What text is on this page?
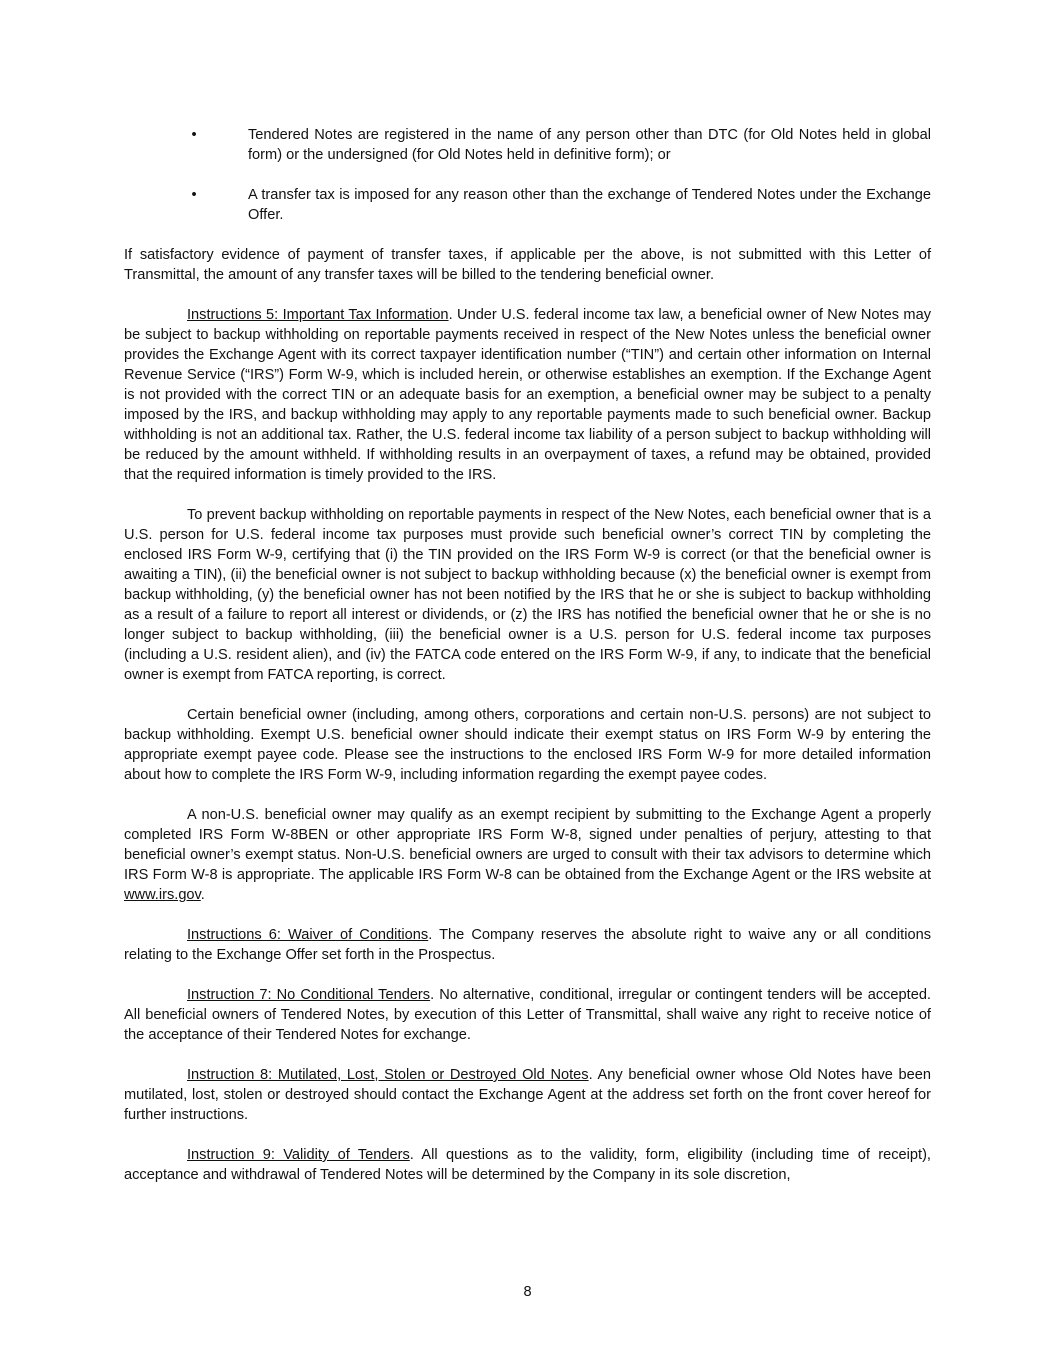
•	Tendered Notes are registered in the name of any person other than DTC (for Old Notes held in global form) or the undersigned (for Old Notes held in definitive form); or
•	A transfer tax is imposed for any reason other than the exchange of Tendered Notes under the Exchange Offer.

If satisfactory evidence of payment of transfer taxes, if applicable per the above, is not submitted with this Letter of Transmittal, the amount of any transfer taxes will be billed to the tendering beneficial owner.

Instructions 5: Important Tax Information. Under U.S. federal income tax law, a beneficial owner of New Notes may be subject to backup withholding on reportable payments received in respect of the New Notes unless the beneficial owner provides the Exchange Agent with its correct taxpayer identification number (“TIN”) and certain other information on Internal Revenue Service (“IRS”) Form W-9, which is included herein, or otherwise establishes an exemption. If the Exchange Agent is not provided with the correct TIN or an adequate basis for an exemption, a beneficial owner may be subject to a penalty imposed by the IRS, and backup withholding may apply to any reportable payments made to such beneficial owner. Backup withholding is not an additional tax. Rather, the U.S. federal income tax liability of a person subject to backup withholding will be reduced by the amount withheld. If withholding results in an overpayment of taxes, a refund may be obtained, provided that the required information is timely provided to the IRS.

To prevent backup withholding on reportable payments in respect of the New Notes, each beneficial owner that is a U.S. person for U.S. federal income tax purposes must provide such beneficial owner’s correct TIN by completing the enclosed IRS Form W-9, certifying that (i) the TIN provided on the IRS Form W-9 is correct (or that the beneficial owner is awaiting a TIN), (ii) the beneficial owner is not subject to backup withholding because (x) the beneficial owner is exempt from backup withholding, (y) the beneficial owner has not been notified by the IRS that he or she is subject to backup withholding as a result of a failure to report all interest or dividends, or (z) the IRS has notified the beneficial owner that he or she is no longer subject to backup withholding, (iii) the beneficial owner is a U.S. person for U.S. federal income tax purposes (including a U.S. resident alien), and (iv) the FATCA code entered on the IRS Form W-9, if any, to indicate that the beneficial owner is exempt from FATCA reporting, is correct.

Certain beneficial owner (including, among others, corporations and certain non-U.S. persons) are not subject to backup withholding. Exempt U.S. beneficial owner should indicate their exempt status on IRS Form W-9 by entering the appropriate exempt payee code. Please see the instructions to the enclosed IRS Form W-9 for more detailed information about how to complete the IRS Form W-9, including information regarding the exempt payee codes.

A non-U.S. beneficial owner may qualify as an exempt recipient by submitting to the Exchange Agent a properly completed IRS Form W-8BEN or other appropriate IRS Form W-8, signed under penalties of perjury, attesting to that beneficial owner’s exempt status. Non-U.S. beneficial owners are urged to consult with their tax advisors to determine which IRS Form W-8 is appropriate. The applicable IRS Form W-8 can be obtained from the Exchange Agent or the IRS website at www.irs.gov.

Instructions 6: Waiver of Conditions. The Company reserves the absolute right to waive any or all conditions relating to the Exchange Offer set forth in the Prospectus.

Instruction 7: No Conditional Tenders. No alternative, conditional, irregular or contingent tenders will be accepted. All beneficial owners of Tendered Notes, by execution of this Letter of Transmittal, shall waive any right to receive notice of the acceptance of their Tendered Notes for exchange.

Instruction 8: Mutilated, Lost, Stolen or Destroyed Old Notes. Any beneficial owner whose Old Notes have been mutilated, lost, stolen or destroyed should contact the Exchange Agent at the address set forth on the front cover hereof for further instructions.

Instruction 9: Validity of Tenders. All questions as to the validity, form, eligibility (including time of receipt), acceptance and withdrawal of Tendered Notes will be determined by the Company in its sole discretion,

8
